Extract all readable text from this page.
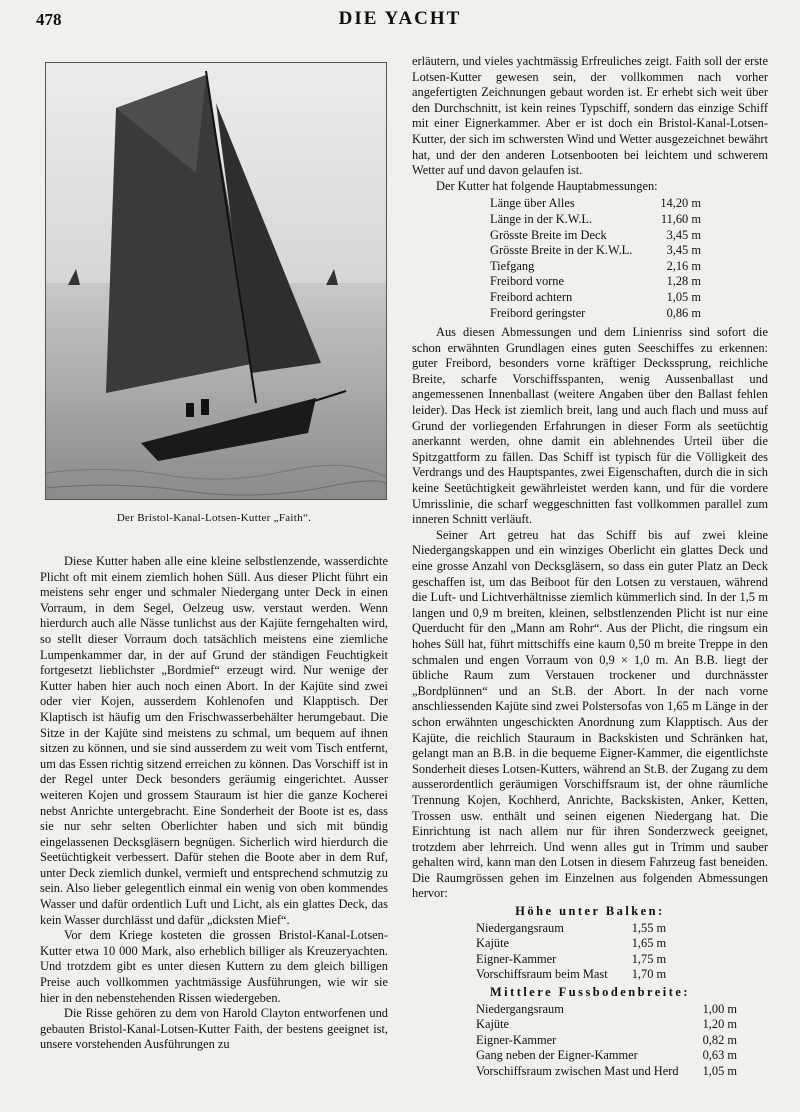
478	DIE YACHT
Der Bristol-Kanal-Lotsen-Kutter „Faith“.

Diese Kutter haben alle eine kleine selbstlenzende, wasserdichte Plicht oft mit einem ziemlich hohen Süll. Aus dieser Plicht führt ein meistens sehr enger und schmaler Niedergang unter Deck in einen Vorraum, in dem Segel, Oelzeug usw. verstaut werden. Wenn hierdurch auch alle Nässe tunlichst aus der Kajüte ferngehalten wird, so stellt dieser Vorraum doch tatsächlich meistens eine ziemliche Lumpenkammer dar, in der auf Grund der ständigen Feuchtigkeit fortgesetzt lieblichster „Bordmief“ erzeugt wird. Nur wenige der Kutter haben hier auch noch einen Abort. In der Kajüte sind zwei oder vier Kojen, ausserdem Kohlenofen und Klapptisch. Der Klaptisch ist häufig um den Frischwasserbehälter herumgebaut. Die Sitze in der Kajüte sind meistens zu schmal, um bequem auf ihnen sitzen zu können, und sie sind ausserdem zu weit vom Tisch entfernt, um das Essen richtig sitzend erreichen zu können. Das Vorschiff ist in der Regel unter Deck besonders geräumig eingerichtet. Ausser weiteren Kojen und grossem Stauraum ist hier die ganze Kocherei nebst Anrichte untergebracht. Eine Sonderheit der Boote ist es, dass sie nur sehr selten Oberlichter haben und sich mit bündig eingelassenen Decksgläsern begnügen. Sicherlich wird hierdurch die Seetüchtigkeit verbessert. Dafür stehen die Boote aber in dem Ruf, unter Deck ziemlich dunkel, vermieft und entsprechend schmutzig zu sein. Also lieber gelegentlich einmal ein wenig von oben kommendes Wasser und dafür ordentlich Luft und Licht, als ein glattes Deck, das kein Wasser durchlässt und dafür „dicksten Mief“.

Vor dem Kriege kosteten die grossen Bristol-Kanal-Lotsen-Kutter etwa 10 000 Mark, also erheblich billiger als Kreuzeryachten. Und trotzdem gibt es unter diesen Kuttern zu dem gleich billigen Preise auch vollkommen yachtmässige Ausführungen, wie wir sie hier in den nebenstehenden Rissen wiedergeben.

Die Risse gehören zu dem von Harold Clayton entworfenen und gebauten Bristol-Kanal-Lotsen-Kutter Faith, der bestens geeignet ist, unsere vorstehenden Ausführungen zu

erläutern, und vieles yachtmässig Erfreuliches zeigt. Faith soll der erste Lotsen-Kutter gewesen sein, der vollkommen nach vorher angefertigten Zeichnungen gebaut worden ist. Er erhebt sich weit über den Durchschnitt, ist kein reines Typschiff, sondern das einzige Schiff mit einer Eignerkammer. Aber er ist doch ein Bristol-Kanal-Lotsen-Kutter, der sich im schwersten Wind und Wetter ausgezeichnet bewährt hat, und der den anderen Lotsenbooten bei leichtem und schwerem Wetter auf und davon gelaufen ist.

Der Kutter hat folgende Hauptabmessungen:

Länge über Alles	14,20 m
Länge in der K.W.L.	11,60 m
Grösste Breite im Deck	3,45 m
Grösste Breite in der K.W.L.	3,45 m
Tiefgang	2,16 m
Freibord vorne	1,28 m
Freibord achtern	1,05 m
Freibord geringster	0,86 m

Aus diesen Abmessungen und dem Linienriss sind sofort die schon erwähnten Grundlagen eines guten Seeschiffes zu erkennen: guter Freibord, besonders vorne kräftiger Deckssprung, reichliche Breite, scharfe Vorschiffsspanten, wenig Aussenballast und angemessenen Innenballast (weitere Angaben über den Ballast fehlen leider). Das Heck ist ziemlich breit, lang und auch flach und muss auf Grund der vorliegenden Erfahrungen in dieser Form als seetüchtig anerkannt werden, ohne damit ein ablehnendes Urteil über die Spitzgattform zu fällen. Das Schiff ist typisch für die Völligkeit des Verdrangs und des Hauptspantes, zwei Eigenschaften, durch die in sich keine Seetüchtigkeit gewährleistet werden kann, und für die vordere Umrisslinie, die scharf weggeschnitten fast vollkommen parallel zum inneren Schnitt verläuft.

Seiner Art getreu hat das Schiff bis auf zwei kleine Niedergangskappen und ein winziges Oberlicht ein glattes Deck und eine grosse Anzahl von Decksgläsern, so dass ein guter Platz an Deck geschaffen ist, um das Beiboot für den Lotsen zu verstauen, während die Luft- und Lichtverhältnisse ziemlich kümmerlich sind. In der 1,5 m langen und 0,9 m breiten, kleinen, selbstlenzenden Plicht ist nur eine Querducht für den „Mann am Rohr“. Aus der Plicht, die ringsum ein hohes Süll hat, führt mittschiffs eine kaum 0,50 m breite Treppe in den schmalen und engen Vorraum von 0,9 × 1,0 m. An B.B. liegt der übliche Raum zum Verstauen trockener und durchnässter „Bordplünnen“ und an St.B. der Abort. In der nach vorne anschliessenden Kajüte sind zwei Polstersofas von 1,65 m Länge in der schon erwähnten ungeschickten Anordnung zum Klapptisch. Aus der Kajüte, die reichlich Stauraum in Backskisten und Schränken hat, gelangt man an B.B. in die bequeme Eigner-Kammer, die eigentlichste Sonderheit dieses Lotsen-Kutters, während an St.B. der Zugang zu dem ausserordentlich geräumigen Vorschiffsraum ist, der ohne räumliche Trennung Kojen, Kochherd, Anrichte, Backskisten, Anker, Ketten, Trossen usw. enthält und seinen eigenen Niedergang hat. Die Einrichtung ist nach allem nur für ihren Sonderzweck geeignet, trotzdem aber lehrreich. Und wenn alles gut in Trimm und sauber gehalten wird, kann man den Lotsen in diesem Fahrzeug fast beneiden. Die Raumgrössen gehen im Einzelnen aus folgenden Abmessungen hervor:

Höhe unter Balken:
Niedergangsraum	1,55 m
Kajüte	1,65 m
Eigner-Kammer	1,75 m
Vorschiffsraum beim Mast	1,70 m
Mittlere Fussbodenbreite:
Niedergangsraum	1,00 m
Kajüte	1,20 m
Eigner-Kammer	0,82 m
Gang neben der Eigner-Kammer	0,63 m
Vorschiffsraum zwischen Mast und Herd	1,05 m
